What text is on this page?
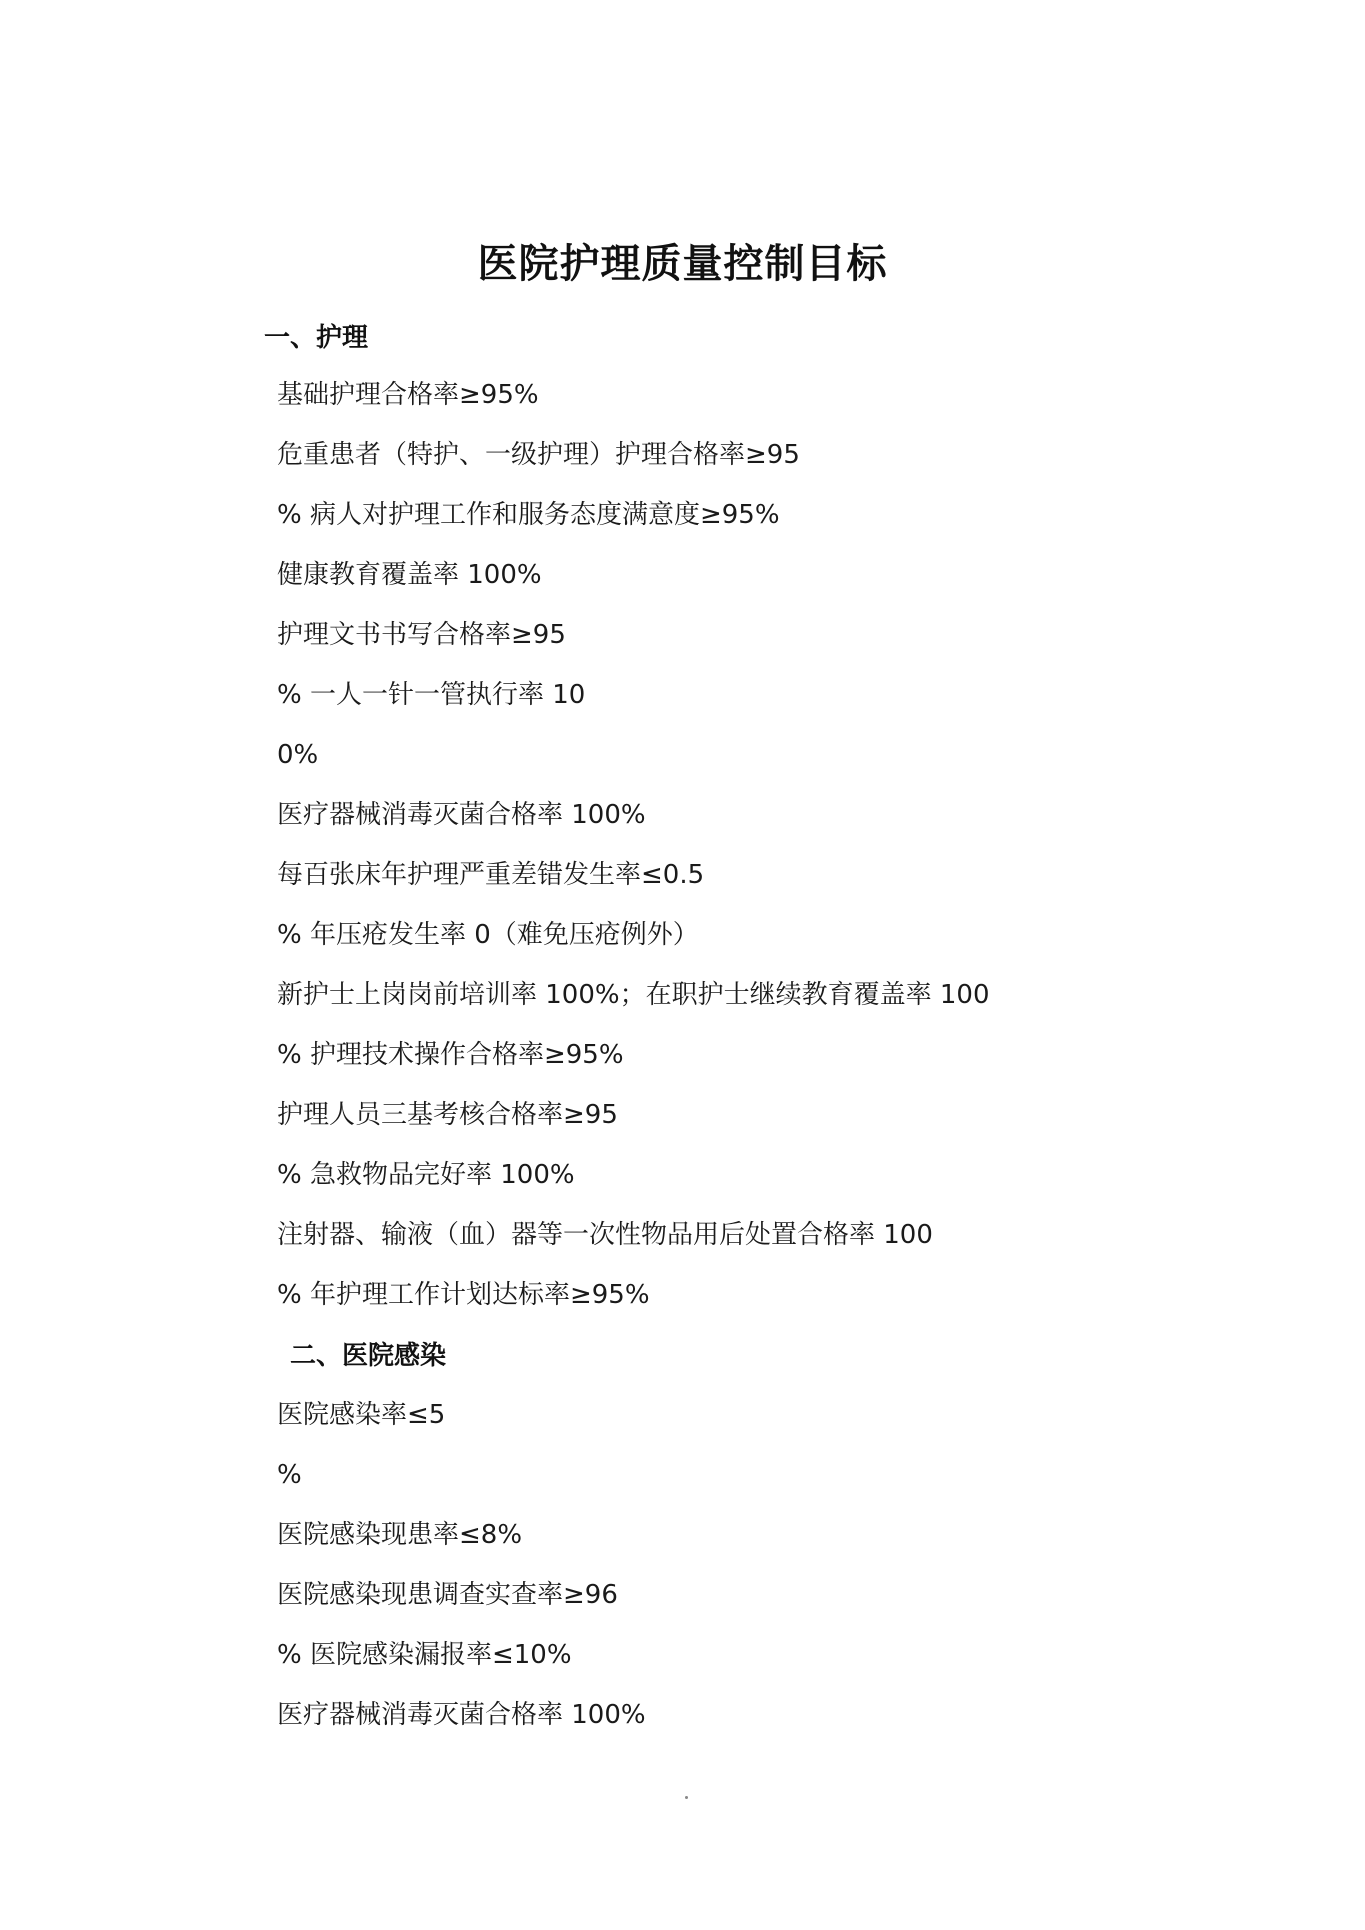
医院护理质量控制目标
一、护理
基础护理合格率≥95%
危重患者（特护、一级护理）护理合格率≥95
% 病人对护理工作和服务态度满意度≥95%
健康教育覆盖率 100%
护理文书书写合格率≥95
% 一人一针一管执行率 10
0%
医疗器械消毒灭菌合格率 100%
每百张床年护理严重差错发生率≤0.5
% 年压疮发生率 0（难免压疮例外）
新护士上岗岗前培训率 100%；在职护士继续教育覆盖率 100
% 护理技术操作合格率≥95%
护理人员三基考核合格率≥95
% 急救物品完好率 100%
注射器、输液（血）器等一次性物品用后处置合格率 100
% 年护理工作计划达标率≥95%
二、医院感染
医院感染率≤5
%
医院感染现患率≤8%
医院感染现患调查实查率≥96
% 医院感染漏报率≤10%
医疗器械消毒灭菌合格率 100%
